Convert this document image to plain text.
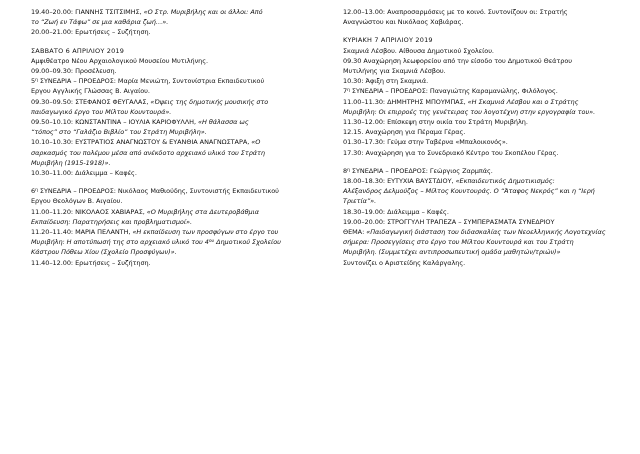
19.40–20.00: ΓΙΑΝΝΗΣ ΤΣΙΤΣΙΜΗΣ, «Ο Στρ. Μυριβήλης και οι άλλοι: Από

το “Ζωή εν Τάφω” σε μια καθάρια ζωή…».

20.00–21.00: Ερωτήσεις – Συζήτηση.

ΣΑΒΒΑΤΟ 6 ΑΠΡΙΛΙΟΥ 2019

Αμφιθέατρο Νέου Αρχαιολογικού Μουσείου Μυτιλήνης.

09.00–09.30: Προσέλευση.

$5^\eta$ ΣΥΝΕΔΡΙΑ – ΠΡΟΕΔΡΟΣ: Μαρία Μενιώτη, Συντονίστρια Εκπαιδευτικού

Εργου Αγγλικής Γλώσσας Β. Αιγαίου.

09.30–09.50: ΣΤΕΦΑΝΟΣ ΦΕΥΓΑΛΑΣ, «Όψεις της δημοτικής μουσικής στο

παιδαγωγικό έργο του Μίλτου Κουντουρά».

09.50–10.10: ΚΩΝΣΤΑΝΤΙΝΑ – ΙΟΥΛΙΑ ΚΑΡΙΟΦΥΛΛΗ, «Η θάλασσα ως

“τόπος” στο “Γαλάζιο Βιβλίο” του Στράτη Μυριβήλη».

10.10–10.30: ΕΥΣΤΡΑΤΙΟΣ ΑΝΑΓΝΩΣΤΟΥ & ΕΥΑΝΘΙΑ ΑΝΑΓΝΩΣΤΑΡΑ, «Ο

σαρκασμός του πολέμου μέσα από ανέκδοτο αρχειακό υλικό του Στράτη

Μυριβήλη (1915-1918)».

10.30–11.00: Διάλειμμα – Καφές.

$6^\eta$ ΣΥΝΕΔΡΙΑ – ΠΡΟΕΔΡΟΣ: Νικόλαος Μαθιούδης, Συντονιστής Εκπαιδευτικού

Εργου Θεολόγων Β. Αιγαίου.

11.00–11.20: ΝΙΚΟΛΑΟΣ ΧΑΒΙΑΡΑΣ, «Ο Μυριβήλης στα Δευτεροβάθμια

Εκπαίδευση: Παρατηρήσεις και προβληματισμοί».

11.20–11.40: ΜΑΡΙΑ ΠΕΛΑΝΤΗ, «Η εκπαίδευση των προσφύγων στο έργο του

Μυριβήλη: Η αποτύπωσή της στο αρχειακό υλικό του $4^{o\upsilon}$ Δημοτικού Σχολείου

Κάστρου Πόθεω Χίου (Σχολείο Προσφύγων)».

11.40–12.00: Ερωτήσεις – Συζήτηση.

12.00–13.00: Αναπροσαρμόσεις με το κοινό. Συντονίζουν οι: Στρατής

Αναγνώστου και Νικόλαος Χαβιάρας.

ΚΥΡΙΑΚΗ 7 ΑΠΡΙΛΙΟΥ 2019

Σκαμνιά Λέσβου. Αίθουσα Δημοτικού Σχολείου.

09.30 Αναχώρηση λεωφορείου από την είσοδο του Δημοτικού Θεάτρου

Μυτιλήνης για Σκαμνιά Λέσβου.

10.30: Άφιξη στη Σκαμνιά.

$7^\eta$ ΣΥΝΕΔΡΙΑ – ΠΡΟΕΔΡΟΣ: Παναγιώτης Καραμανώλης, Φιλόλογος.

11.00–11.30: ΔΗΜΗΤΡΗΣ ΜΠΟΥΜΠΑΣ, «Η Σκαμνιά Λέσβου και ο Στράτης

Μυριβήλη: Οι επιρροές της γενέτειρας του λογοτέχνη στην εργογραφία του».

11.30–12.00: Επίσκεψη στην οικία του Στράτη Μυριβήλη.

12.15. Αναχώρηση για Πέραμα Γέρας.

01.30–17.30: Γεύμα στην Ταβέρνα «Μπαλοικονός».

17.30: Αναχώρηση για το Συνεδριακό Κέντρο του Σκοπέλου Γέρας.

$8^\eta$ ΣΥΝΕΔΡΙΑ – ΠΡΟΕΔΡΟΣ: Γεώργιος Ζαρμπάς.

18.00–18.30: ΕΥΤΥΧΙΑ ΒΑΥΣΤΔΙΟΥ, «Εκπαιδευτικός Δημοτικισμός:

Αλέξανδρος Δελμούζος – Μίλτος Κουντουράς. Ο “Άταφος Νεκρός” και η “Ιερή

Τριετία”».

18.30–19.00: Διάλειμμα – Καφές.

19.00–20.00: ΣΤΡΟΓΓΥΛΗ ΤΡΑΠΕΖΑ – ΣΥΜΠΕΡΑΣΜΑΤΑ ΣΥΝΕΔΡΙΟΥ

ΘΕΜΑ: «Παιδαγωγική διάσταση του διδασκαλίας των Νεοελληνικής Λογοτεχνίας

σήμερα: Προσεγγίσεις στο έργο του Μίλτου Κουντουρά και του Στράτη

Μυριβήλη. (Συμμετέχει αντιπροσωπευτική ομάδα μαθητών/τριών)»

Συντονίζει ο Αριστείδης Καλάργαλης.
